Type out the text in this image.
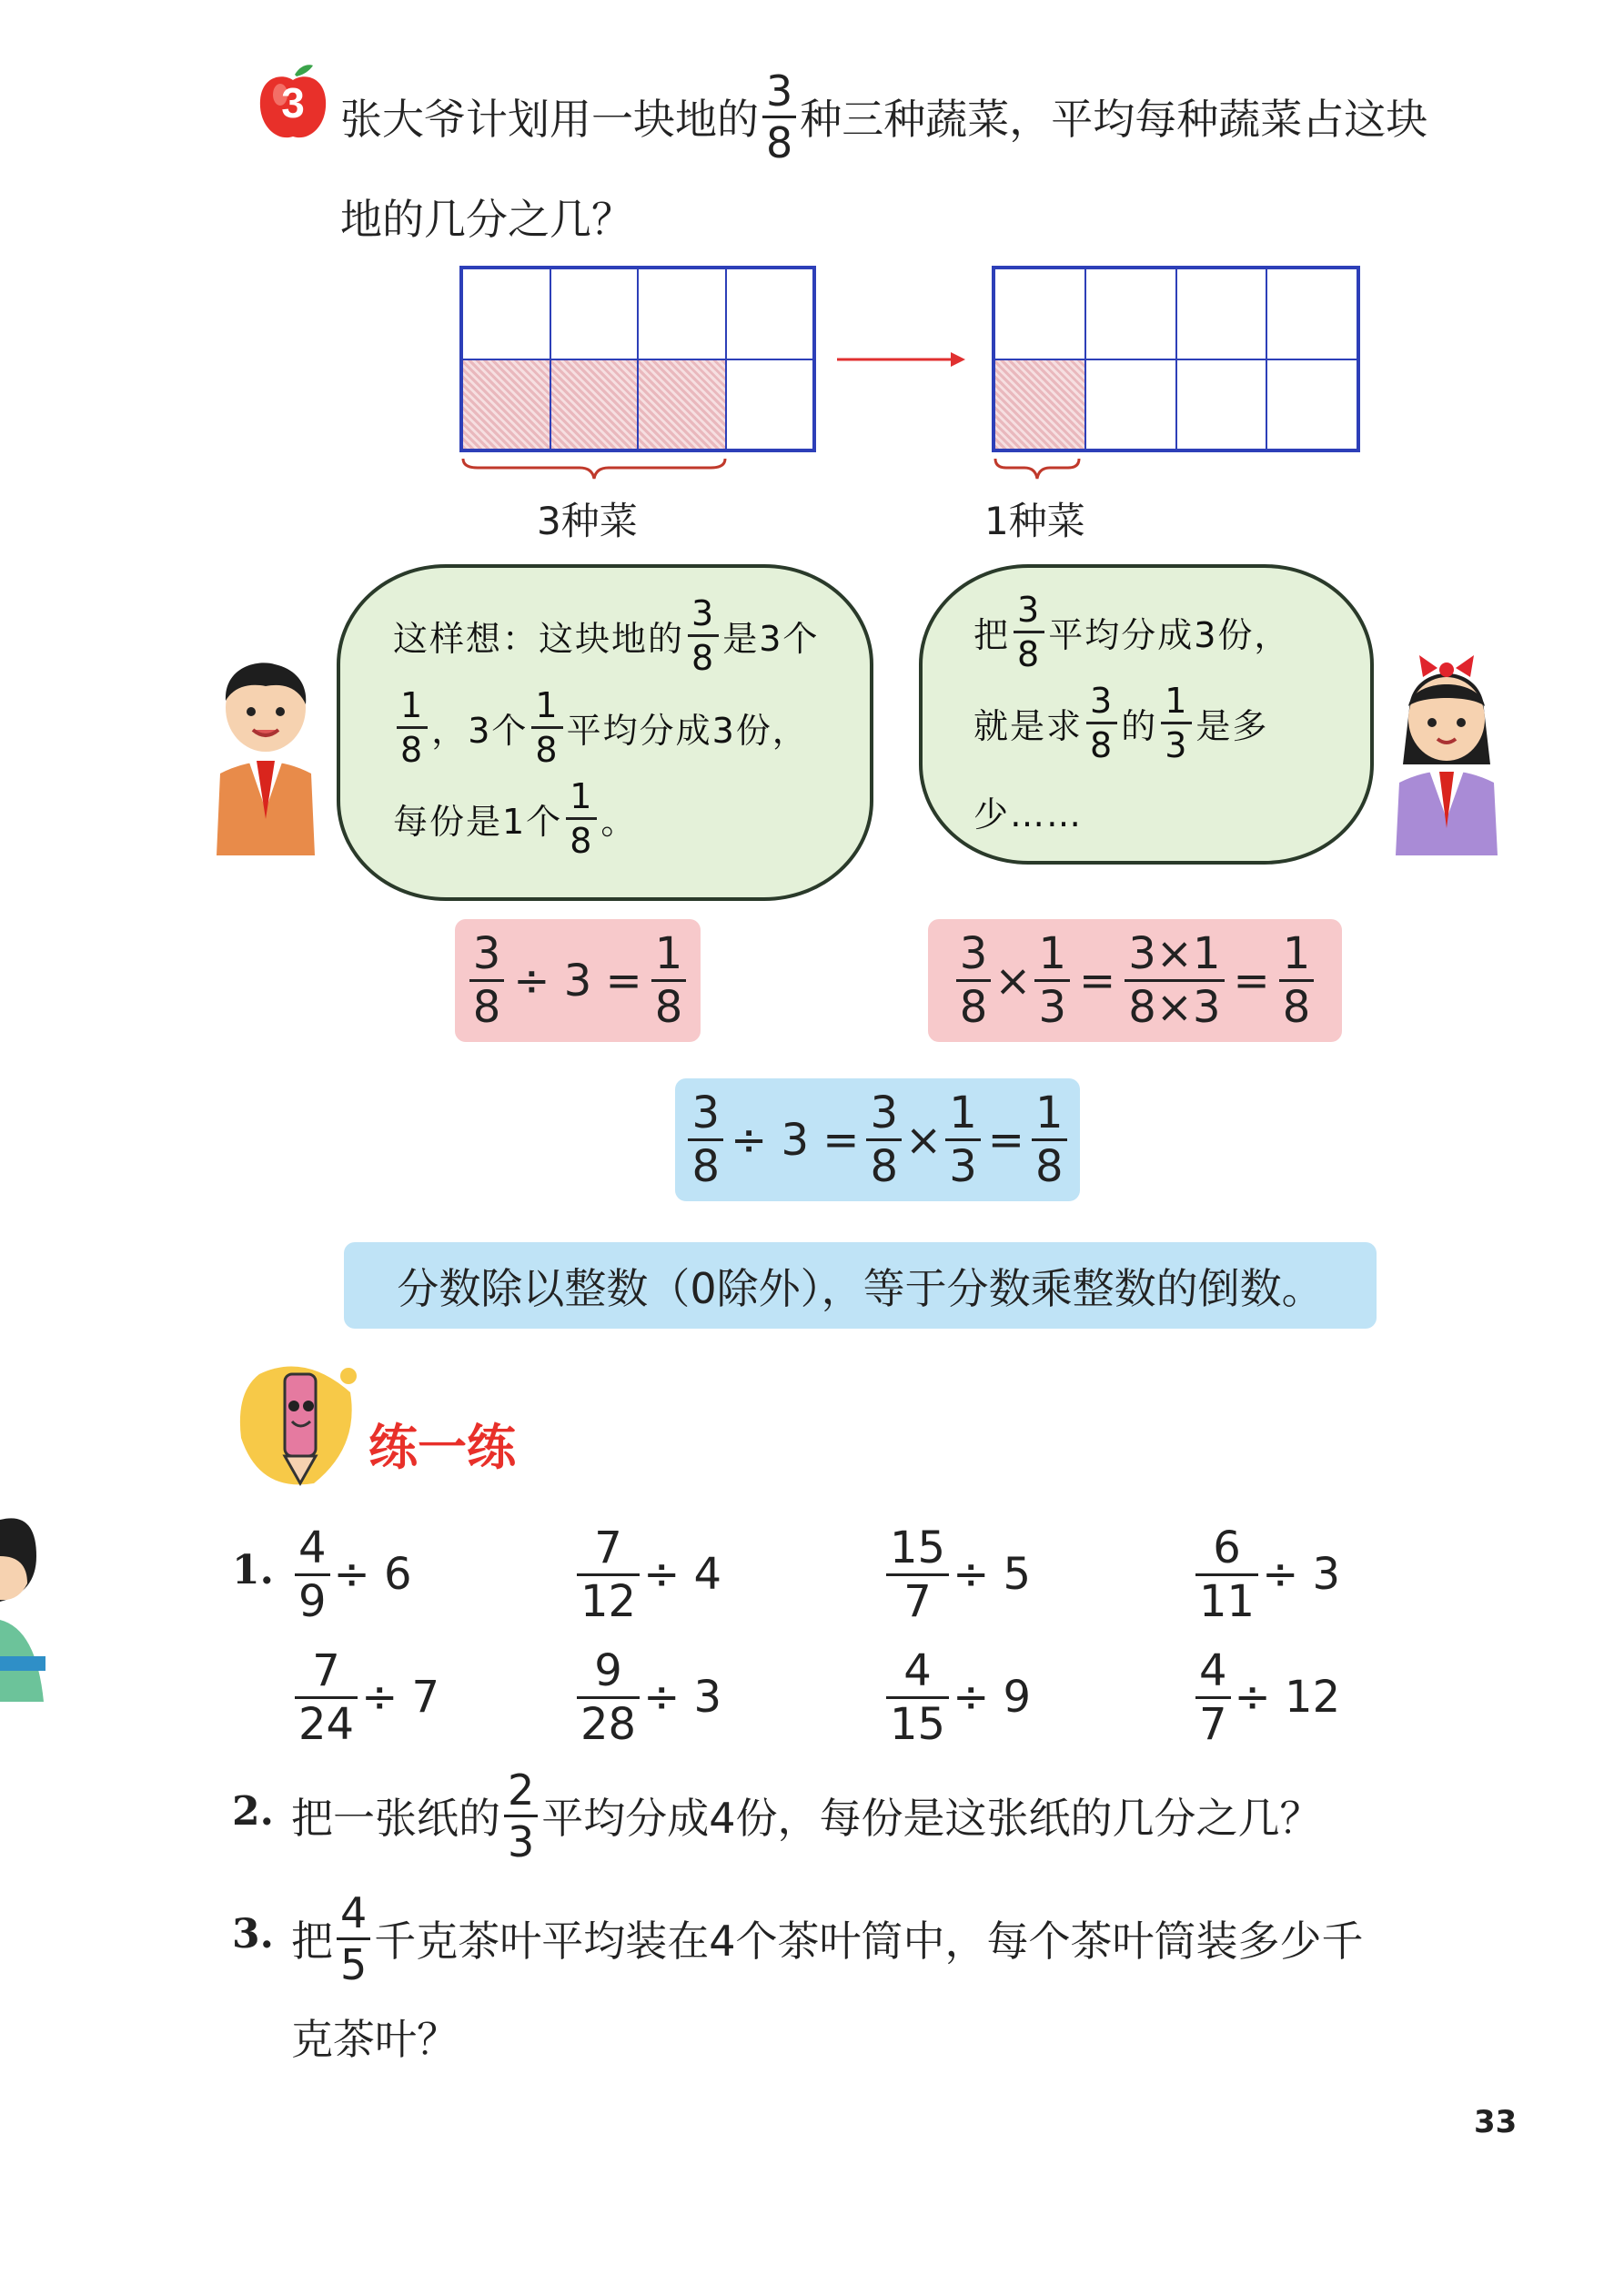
3 张大爷计划用一块地的 $\frac{3}{8}$ 种三种蔬菜，平均每种蔬菜占这块
地的几分之几？
3种菜	1种菜
这样想：这块地的 $\frac{3}{8}$ 是3个
$\frac{1}{8}$ ，3个 $\frac{1}{8}$ 平均分成3份，
每份是1个 $\frac{1}{8}$ 。
把 $\frac{3}{8}$ 平均分成3份，
就是求 $\frac{3}{8}$ 的 $\frac{1}{3}$ 是多
少……
$\frac{3}{8} \div 3 = \frac{1}{8}$	$\frac{3}{8} \times \frac{1}{3} = \frac{3\times 1}{8\times 3} = \frac{1}{8}$
$\frac{3}{8} \div 3 = \frac{3}{8} \times \frac{1}{3} = \frac{1}{8}$
分数除以整数（0除外），等于分数乘整数的倒数。
练一练
1. $\frac{4}{9} \div 6$	$\frac{7}{12} \div 4$	$\frac{15}{7} \div 5$	$\frac{6}{11} \div 3$
$\frac{7}{24} \div 7$	$\frac{9}{28} \div 3$	$\frac{4}{15} \div 9$	$\frac{4}{7} \div 12$
2. 把一张纸的 $\frac{2}{3}$ 平均分成4份，每份是这张纸的几分之几？
3. 把 $\frac{4}{5}$ 千克茶叶平均装在4个茶叶筒中，每个茶叶筒装多少千
克茶叶？
33
